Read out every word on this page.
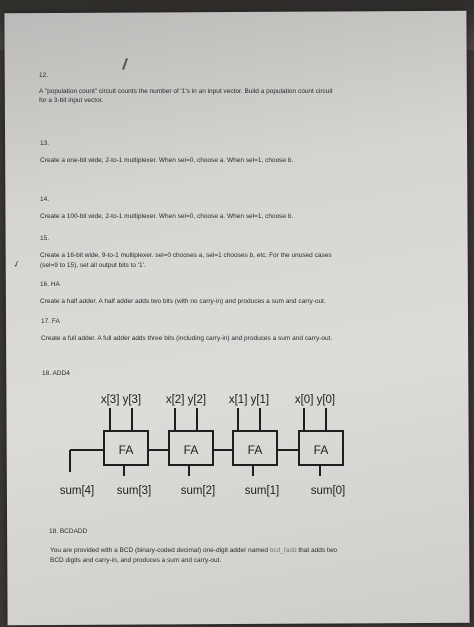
✓
12.
A "population count" circuit counts the number of '1's in an input vector. Build a population count circuit
for a 3-bit input vector.
13.
Create a one-bit wide, 2-to-1 multiplexer. When sel=0, choose a. When sel=1, choose b.
14.
Create a 100-bit wide, 2-to-1 multiplexer. When sel=0, choose a. When sel=1, choose b.
15.
Create a 16-bit wide, 9-to-1 multiplexer. sel=0 chooses a, sel=1 chooses b, etc. For the unused cases
(sel=9 to 15), set all output bits to '1'.
16. HA
Create a half adder. A half adder adds two bits (with no carry-in) and produces a sum and carry-out.
17. FA
Create a full adder. A full adder adds three bits (including carry-in) and produces a sum and carry-out.
18. ADD4
x[3] y[3] x[2] y[2] x[1] y[1] x[0] y[0]
FA	FA	FA	FA
sum[4] sum[3]	sum[2]	sum[1]	sum[0]
18. BCDADD
You are provided with a BCD (binary-coded decimal) one-digit adder named bcd_fadd that adds two
BCD digits and carry-in, and produces a sum and carry-out.
